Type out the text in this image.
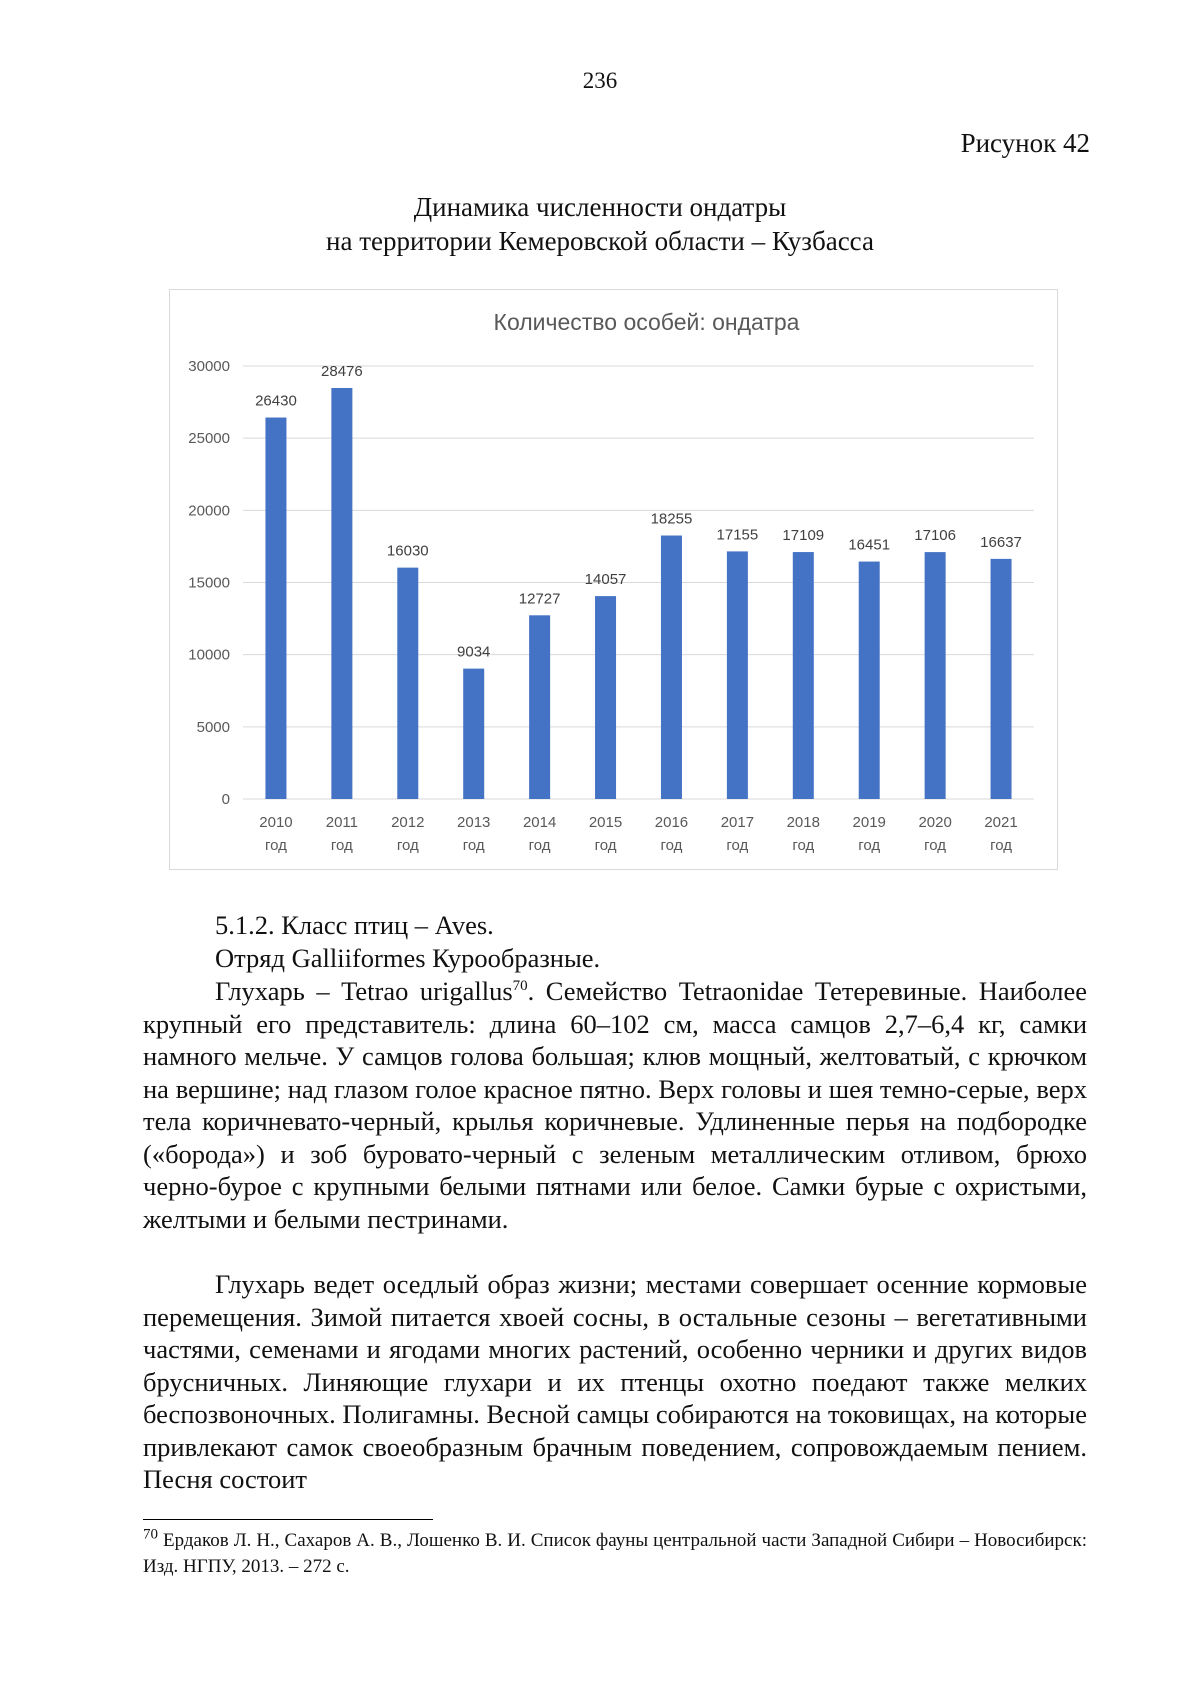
236
Рисунок 42
Динамика численности ондатры
на территории Кемеровской области – Кузбасса
Количество особей: ондатра
0
5000
10000
15000
20000
25000
30000
26430
2010
год
28476
2011
год
16030
2012
год
9034
2013
год
12727
2014
год
14057
2015
год
18255
2016
год
17155
2017
год
17109
2018
год
16451
2019
год
17106
2020
год
16637
2021
год
5.1.2. Класс птиц – Aves.
Отряд Galliiformes Курообразные.

Глухарь – Tetrao urigallus$^{70}$. Семейство Tetraonidae Тетеревиные. Наиболее крупный его представитель: длина 60–102 см, масса самцов 2,7–6,4 кг, самки намного мельче. У самцов голова большая; клюв мощный, желтоватый, с крючком на вершине; над глазом голое красное пятно. Верх головы и шея темно-серые, верх тела коричневато-черный, крылья коричневые. Удлиненные перья на подбородке («борода») и зоб буровато-черный с зеленым металлическим отливом, брюхо черно-бурое с крупными белыми пятнами или белое. Самки бурые с охристыми, желтыми и белыми пестринами.

Глухарь ведет оседлый образ жизни; местами совершает осенние кормовые перемещения. Зимой питается хвоей сосны, в остальные сезоны – вегетативными частями, семенами и ягодами многих растений, особенно черники и других видов брусничных. Линяющие глухари и их птенцы охотно поедают также мелких беспозвоночных. Полигамны. Весной самцы собираются на токовищах, на которые привлекают самок своеобразным брачным поведением, сопровождаемым пением. Песня состоит

$^{70}$ Ердаков Л. Н., Сахаров А. В., Лошенко В. И. Список фауны центральной части Западной Сибири – Новосибирск: Изд. НГПУ, 2013. – 272 с.
